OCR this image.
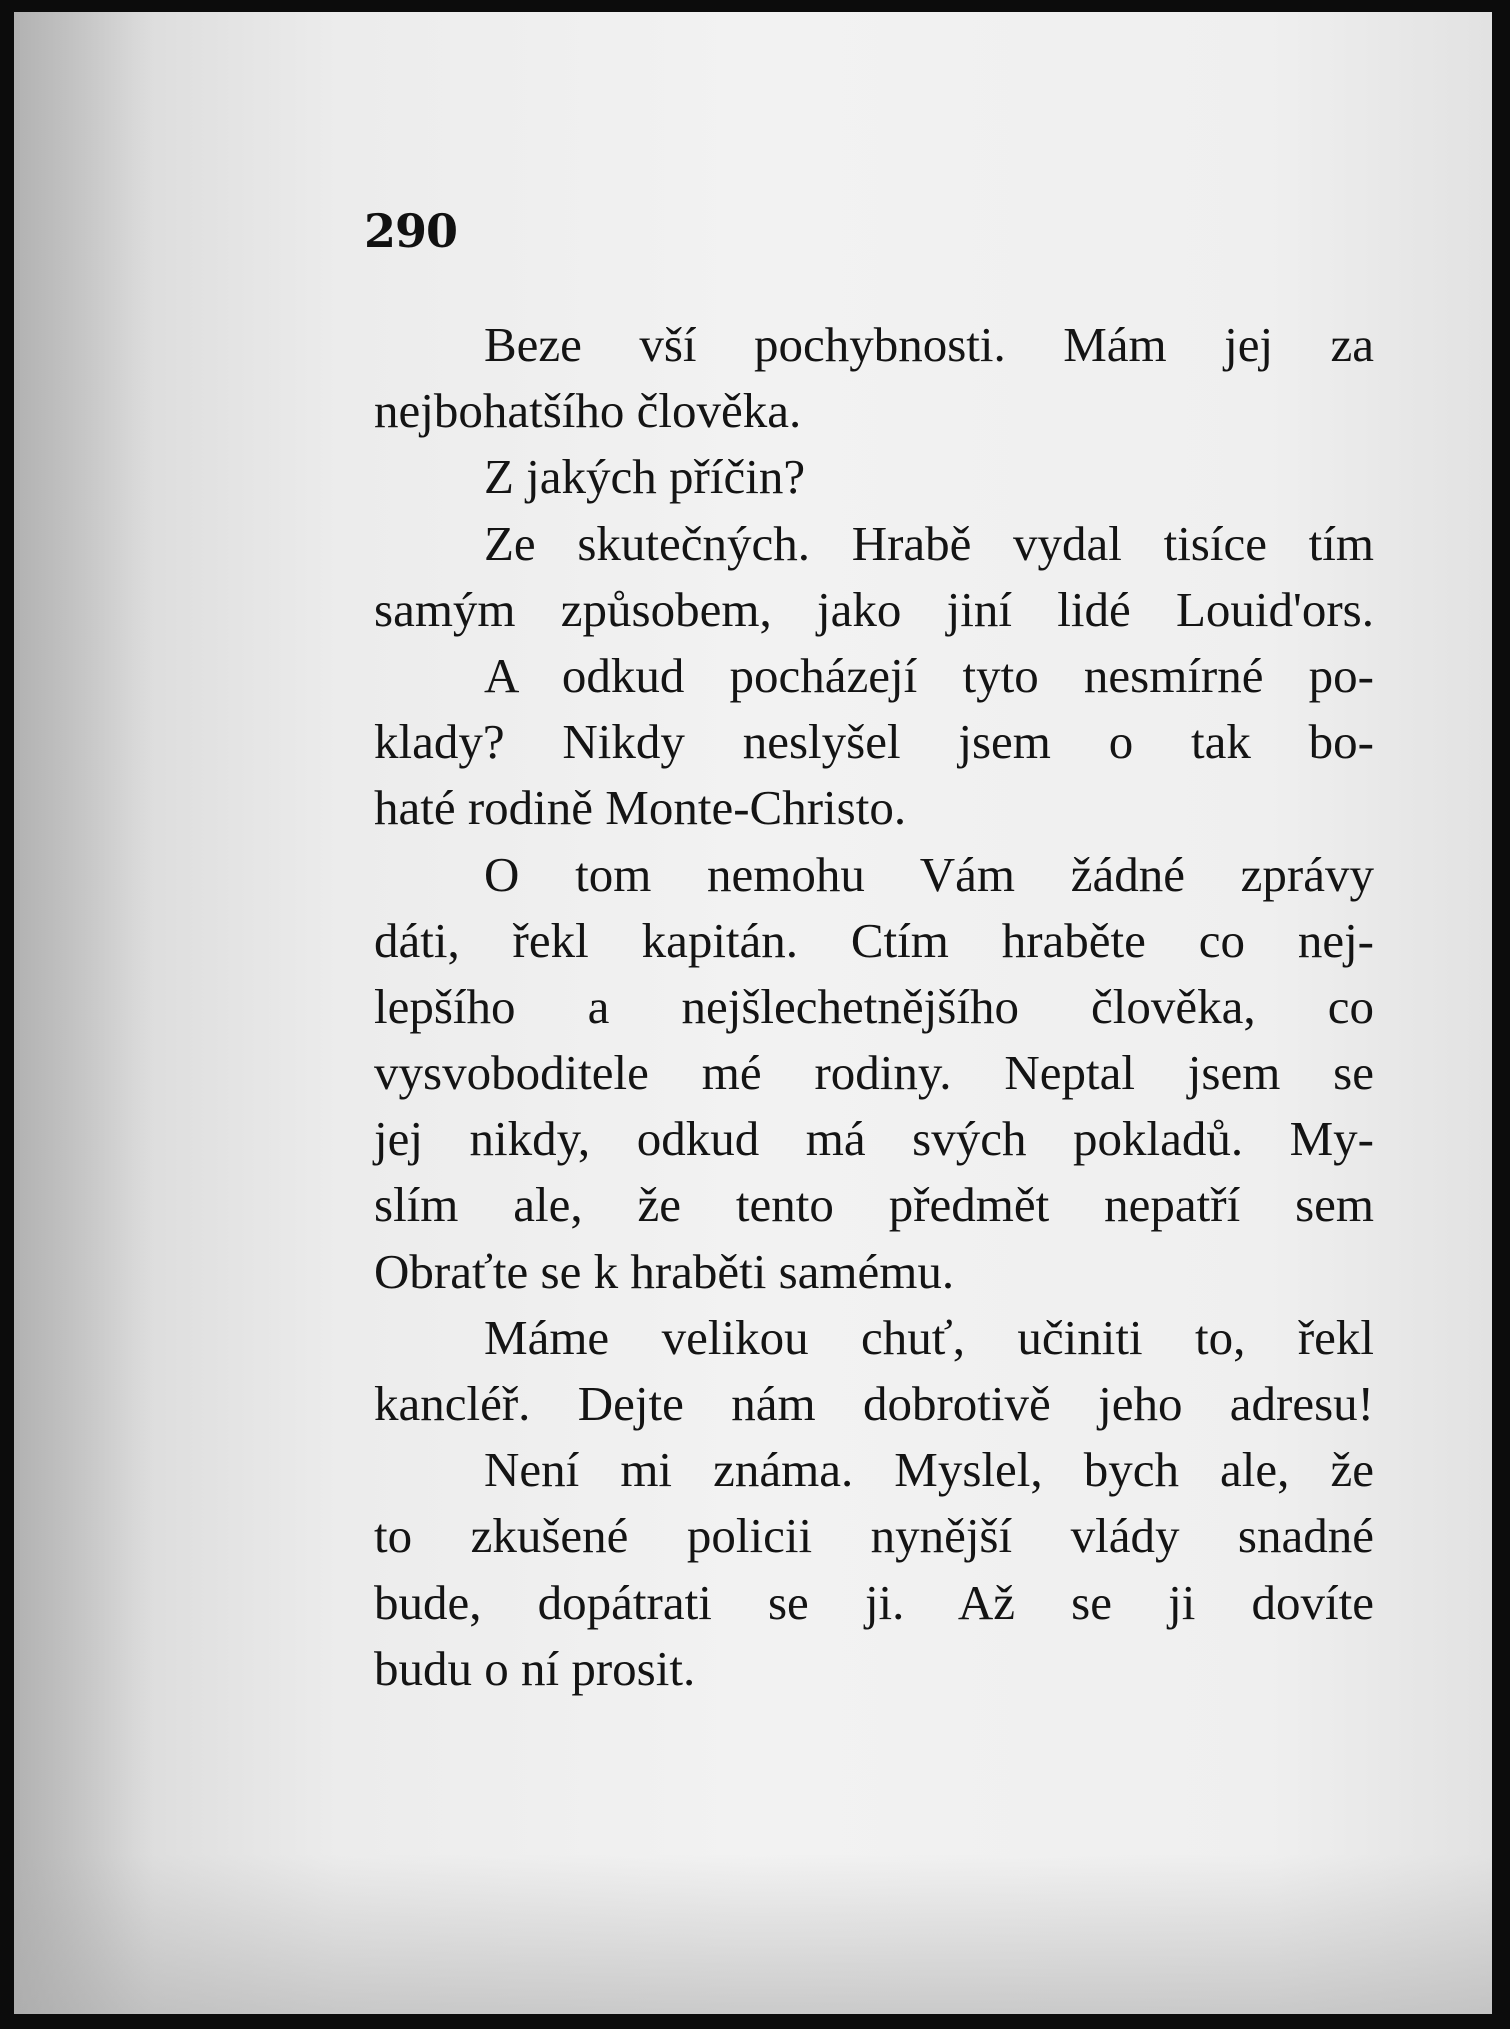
290
Beze vší pochybnosti. Mám jej za
nejbohatšího člověka.
Z jakých příčin?
Ze skutečných. Hrabě vydal tisíce tím
samým způsobem, jako jiní lidé Louid'ors.
A odkud pocházejí tyto nesmírné po-
klady? Nikdy neslyšel jsem o tak bo-
haté rodině Monte-Christo.
O tom nemohu Vám žádné zprávy
dáti, řekl kapitán. Ctím hraběte co nej-
lepšího a nejšlechetnějšího člověka, co
vysvoboditele mé rodiny. Neptal jsem se
jej nikdy, odkud má svých pokladů. My-
slím ale, že tento předmět nepatří sem
Obraťte se k hraběti samému.
Máme velikou chuť, učiniti to, řekl
kancléř. Dejte nám dobrotivě jeho adresu!
Není mi známa. Myslel, bych ale, že
to zkušené policii nynější vlády snadné
bude, dopátrati se ji. Až se ji dovíte
budu o ní prosit.
